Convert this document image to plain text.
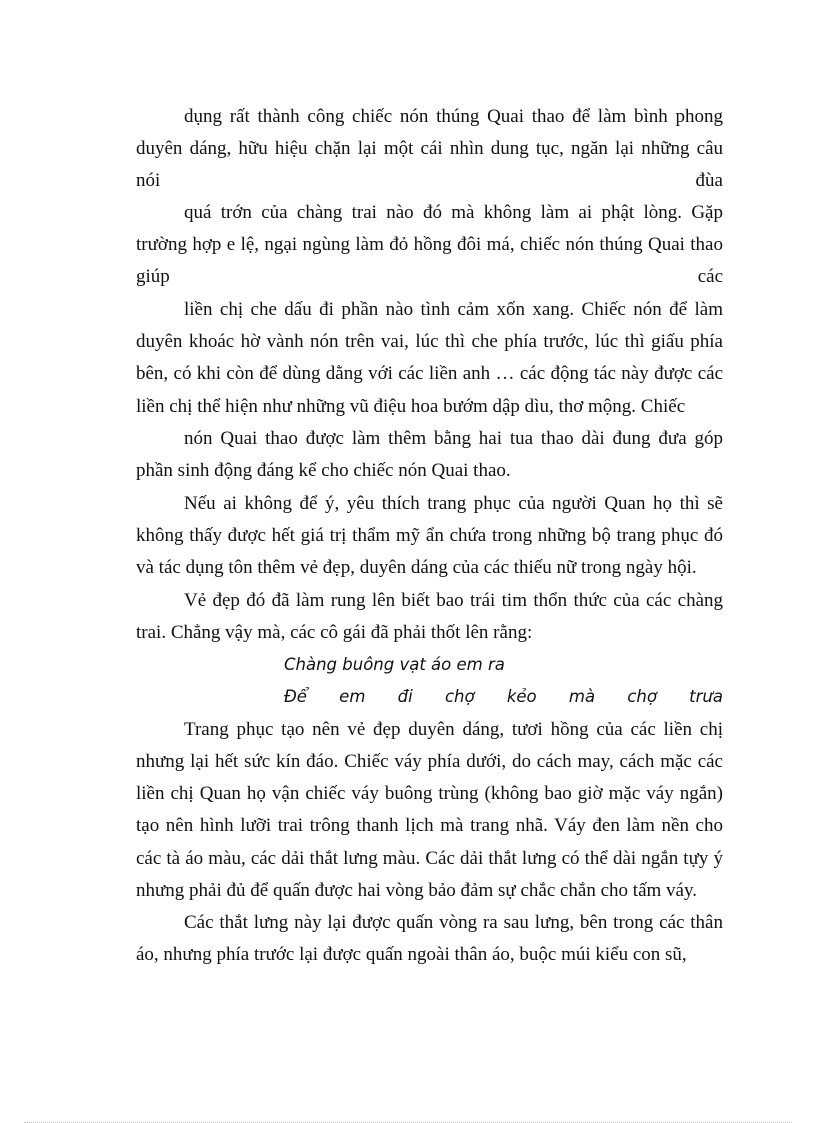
dụng rất thành công chiếc nón thúng Quai thao để làm bình phong
duyên dáng, hữu hiệu chặn lại một cái nhìn dung tục, ngăn lại những câu
nói đùa
quá trớn của chàng trai nào đó mà không làm ai phật lòng. Gặp
trường hợp e lệ, ngại ngùng làm đỏ hồng đôi má, chiếc nón thúng Quai thao
giúp các
liền chị che dấu đi phần nào tình cảm xốn xang. Chiếc nón để làm
duyên khoác hờ vành nón trên vai, lúc thì che phía trước, lúc thì giấu phía
bên, có khi còn để dùng dằng với các liền anh … các động tác này được các
liền chị thể hiện như những vũ điệu hoa bướm dập dìu, thơ mộng. Chiếc
nón Quai thao được làm thêm bằng hai tua thao dài đung đưa góp
phần sinh động đáng kể cho chiếc nón Quai thao.
Nếu ai không để ý, yêu thích trang phục của người Quan họ thì sẽ
không thấy được hết giá trị thẩm mỹ ẩn chứa trong những bộ trang phục đó
và tác dụng tôn thêm vẻ đẹp, duyên dáng của các thiếu nữ trong ngày hội.
Vẻ đẹp đó đã làm rung lên biết bao trái tim thổn thức của các chàng
trai. Chẳng vậy mà, các cô gái đã phải thốt lên rằng:
Chàng buông vạt áo em ra
Để em đi chợ kẻo mà chợ trưa
Trang phục tạo nên vẻ đẹp duyên dáng, tươi hồng của các liền chị
nhưng lại hết sức kín đáo. Chiếc váy phía dưới, do cách may, cách mặc các
liền chị Quan họ vận chiếc váy buông trùng (không bao giờ mặc váy ngắn)
tạo nên hình lưỡi trai trông thanh lịch mà trang nhã. Váy đen làm nền cho
các tà áo màu, các dải thắt lưng màu. Các dải thắt lưng có thể dài ngắn tựy ý
nhưng phải đủ để quấn được hai vòng bảo đảm sự chắc chắn cho tấm váy.
Các thắt lưng này lại được quấn vòng ra sau lưng, bên trong các thân
áo, nhưng phía trước lại được quấn ngoài thân áo, buộc múi kiểu con sũ,
